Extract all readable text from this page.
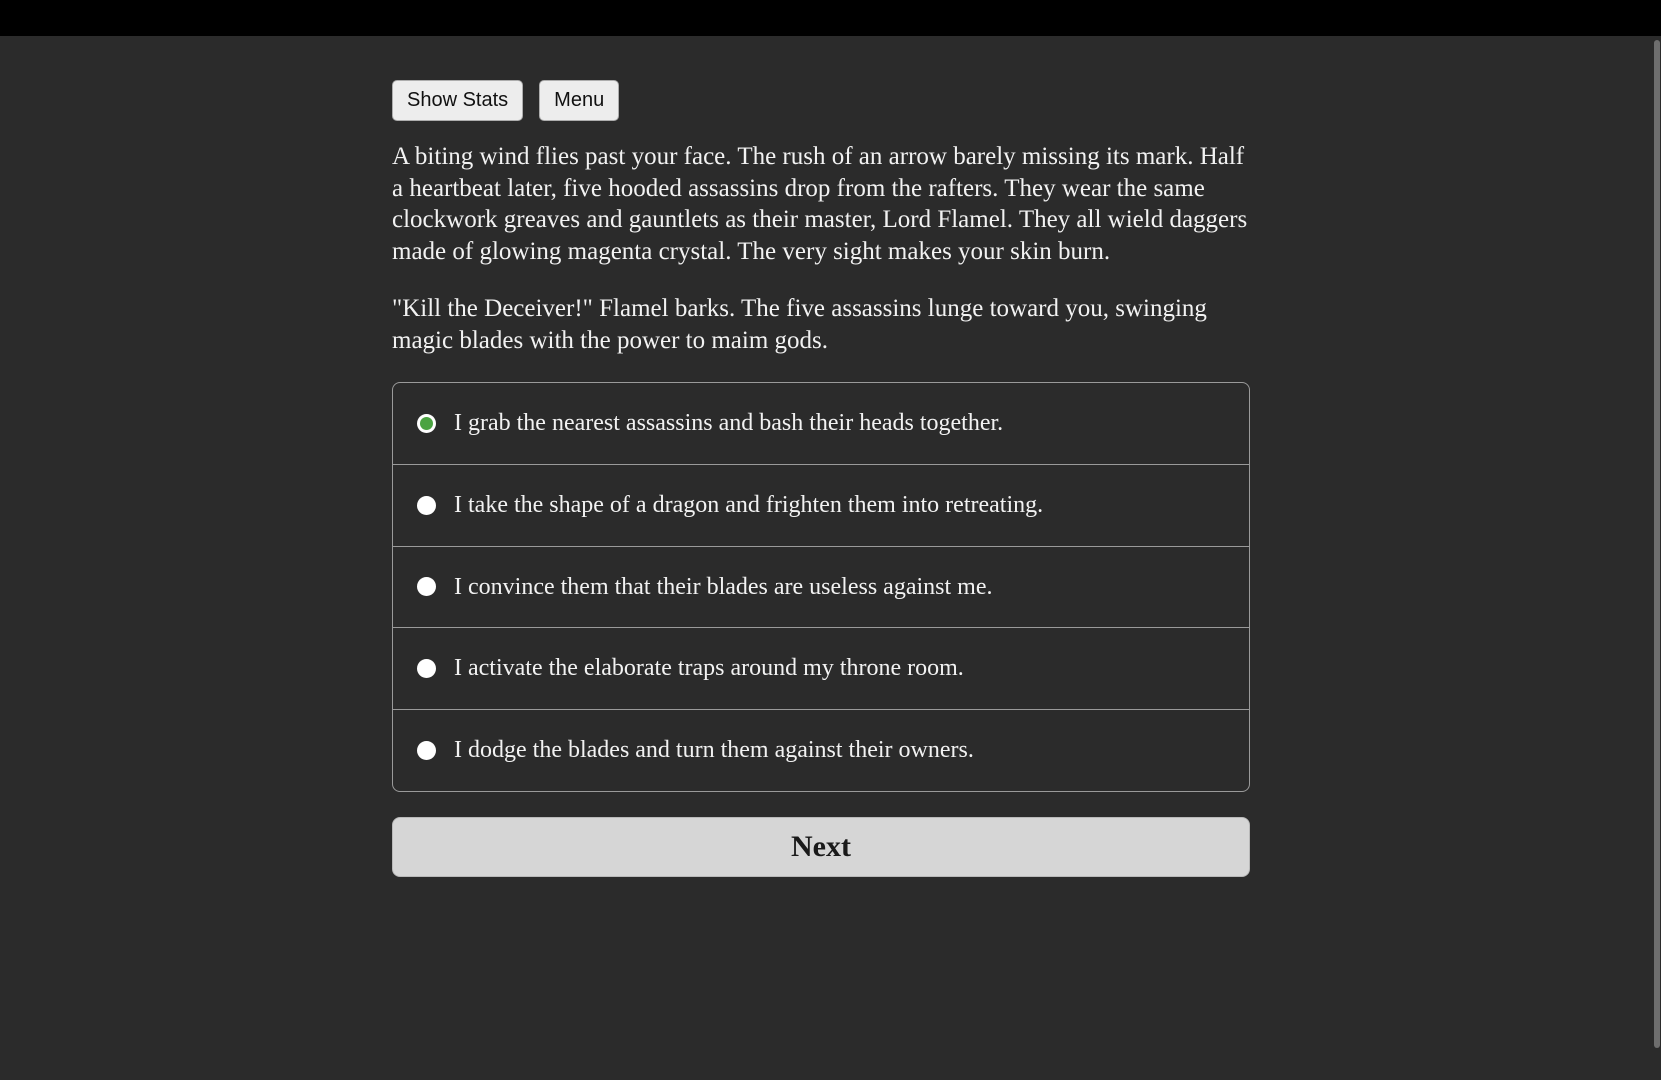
Show Stats	Menu

A biting wind flies past your face. The rush of an arrow barely missing its mark. Half a heartbeat later, five hooded assassins drop from the rafters. They wear the same clockwork greaves and gauntlets as their master, Lord Flamel. They all wield daggers made of glowing magenta crystal. The very sight makes your skin burn.

"Kill the Deceiver!" Flamel barks. The five assassins lunge toward you, swinging magic blades with the power to maim gods.

I grab the nearest assassins and bash their heads together.
I take the shape of a dragon and frighten them into retreating.
I convince them that their blades are useless against me.
I activate the elaborate traps around my throne room.
I dodge the blades and turn them against their owners.
Next
